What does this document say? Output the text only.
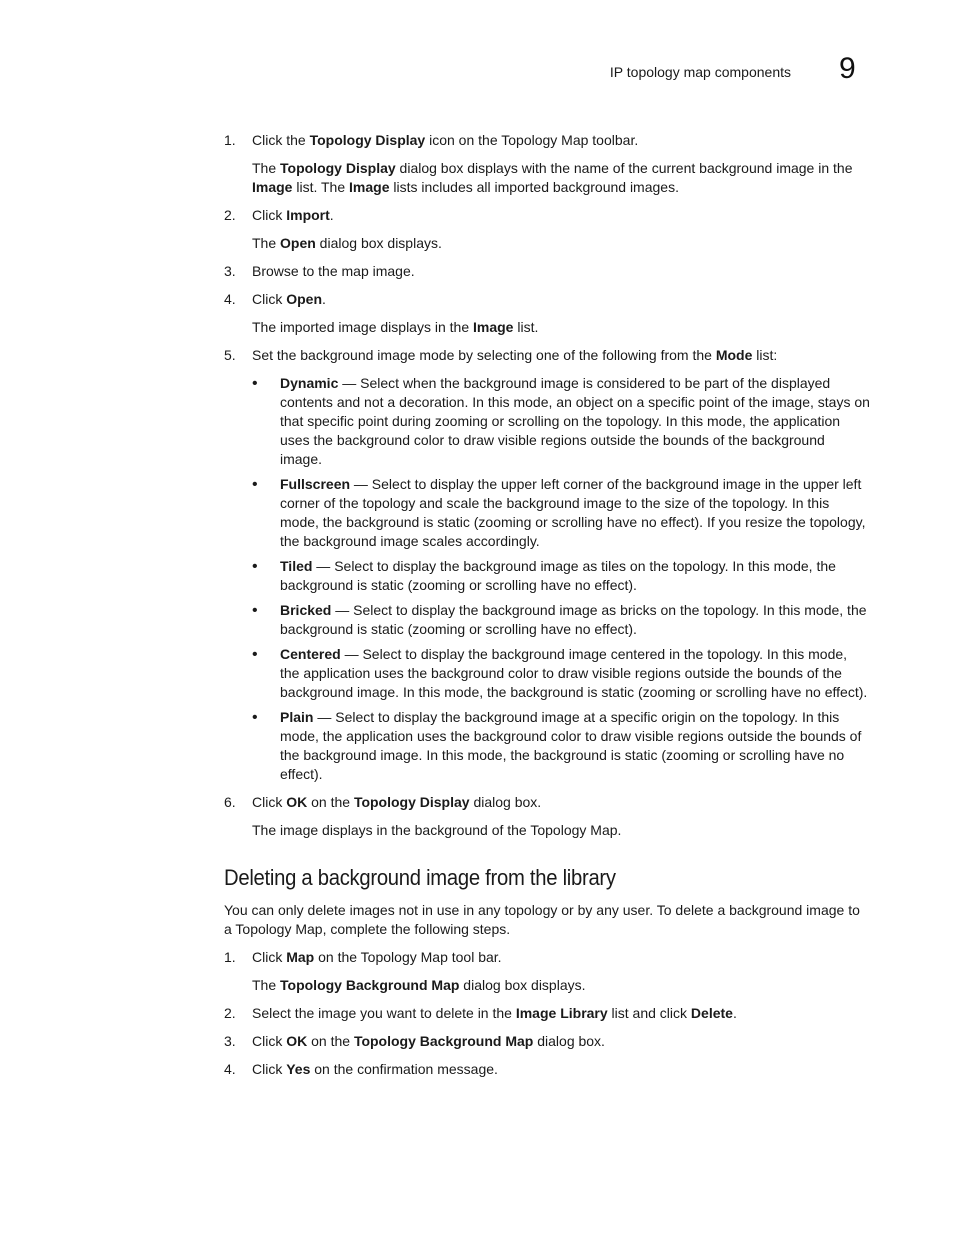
IP topology map components 9
1.	Click the Topology Display icon on the Topology Map toolbar.
The Topology Display dialog box displays with the name of the current background image in the Image list. The Image lists includes all imported background images.
2.	Click Import.
The Open dialog box displays.
3.	Browse to the map image.
4.	Click Open.
The imported image displays in the Image list.
5.	Set the background image mode by selecting one of the following from the Mode list:
•	Dynamic — Select when the background image is considered to be part of the displayed contents and not a decoration. In this mode, an object on a specific point of the image, stays on that specific point during zooming or scrolling on the topology. In this mode, the application uses the background color to draw visible regions outside the bounds of the background image.
•	Fullscreen — Select to display the upper left corner of the background image in the upper left corner of the topology and scale the background image to the size of the topology. In this mode, the background is static (zooming or scrolling have no effect). If you resize the topology, the background image scales accordingly.
•	Tiled — Select to display the background image as tiles on the topology. In this mode, the background is static (zooming or scrolling have no effect).
•	Bricked — Select to display the background image as bricks on the topology. In this mode, the background is static (zooming or scrolling have no effect).
•	Centered — Select to display the background image centered in the topology. In this mode, the application uses the background color to draw visible regions outside the bounds of the background image. In this mode, the background is static (zooming or scrolling have no effect).
•	Plain — Select to display the background image at a specific origin on the topology. In this mode, the application uses the background color to draw visible regions outside the bounds of the background image. In this mode, the background is static (zooming or scrolling have no effect).
6.	Click OK on the Topology Display dialog box.
The image displays in the background of the Topology Map.
Deleting a background image from the library
You can only delete images not in use in any topology or by any user. To delete a background image to a Topology Map, complete the following steps.
1.	Click Map on the Topology Map tool bar.
The Topology Background Map dialog box displays.
2.	Select the image you want to delete in the Image Library list and click Delete.
3.	Click OK on the Topology Background Map dialog box.
4.	Click Yes on the confirmation message.
